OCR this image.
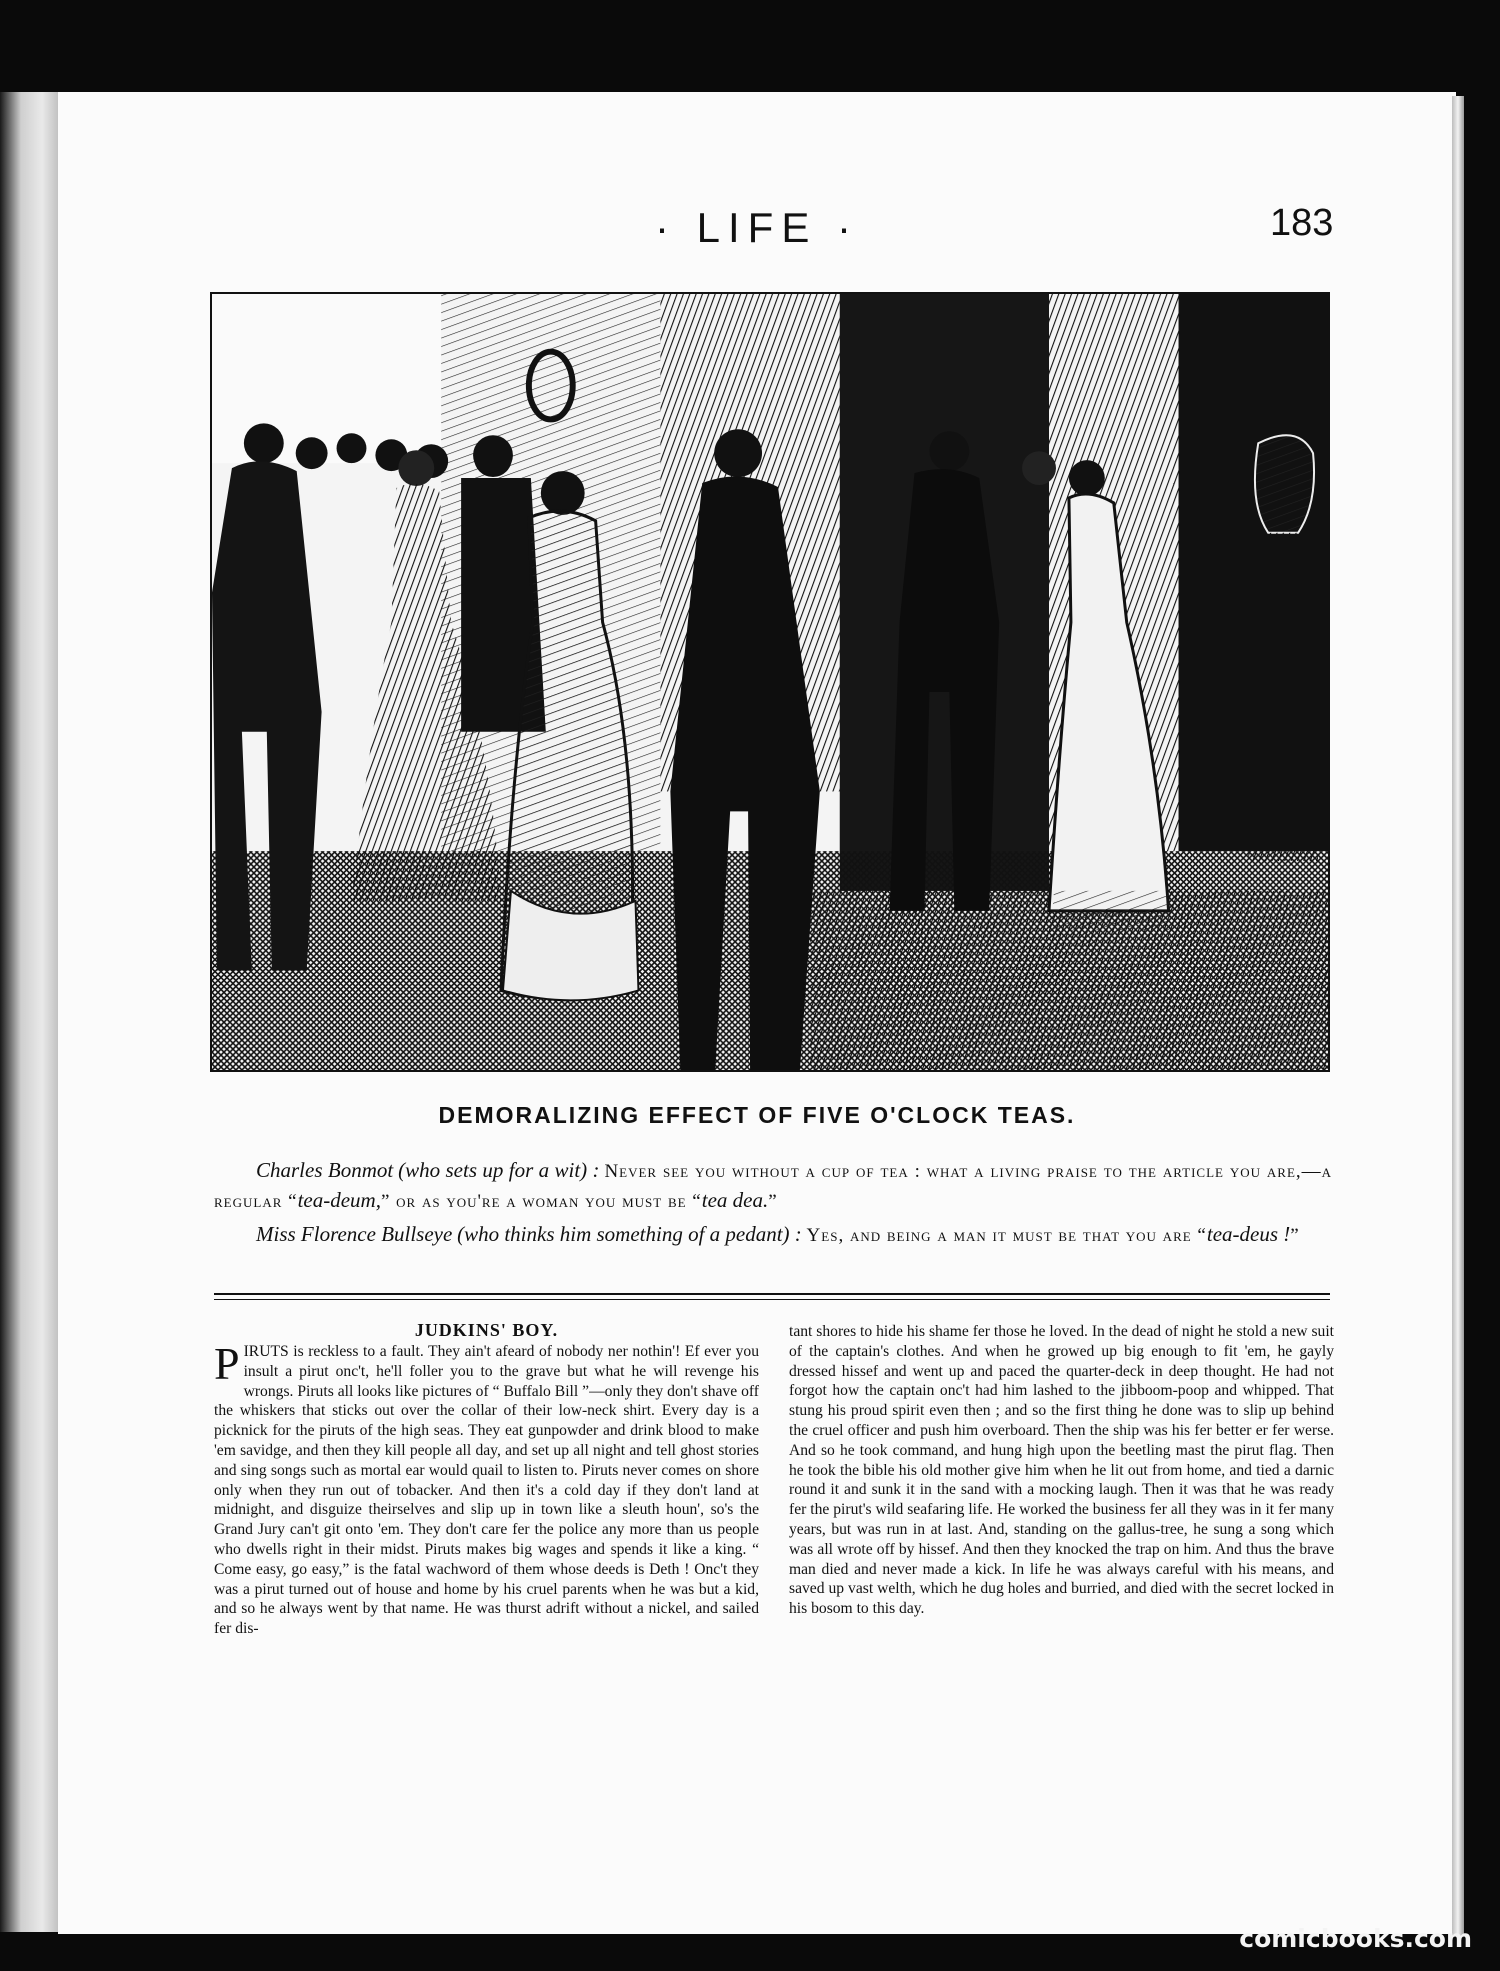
· LIFE ·	183
DEMORALIZING EFFECT OF FIVE O'CLOCK TEAS.
Charles Bonmot (who sets up for a wit) : Never see you without a cup of tea : what a living praise to the article you are,—a regular “tea-deum,” or as you're a woman you must be “tea dea.”
Miss Florence Bullseye (who thinks him something of a pedant) : Yes, and being a man it must be that you are “tea-deus !”
JUDKINS' BOY.
PIRUTS is reckless to a fault. They ain't afeard of nobody ner nothin'! Ef ever you insult a pirut onc't, he'll foller you to the grave but what he will revenge his wrongs. Piruts all looks like pictures of “ Buffalo Bill ”—only they don't shave off the whiskers that sticks out over the collar of their low-neck shirt. Every day is a picknick for the piruts of the high seas. They eat gunpowder and drink blood to make 'em savidge, and then they kill people all day, and set up all night and tell ghost stories and sing songs such as mortal ear would quail to listen to. Piruts never comes on shore only when they run out of tobacker. And then it's a cold day if they don't land at midnight, and disguize theirselves and slip up in town like a sleuth houn', so's the Grand Jury can't git onto 'em. They don't care fer the police any more than us people who dwells right in their midst. Piruts makes big wages and spends it like a king. “ Come easy, go easy,” is the fatal wachword of them whose deeds is Deth ! Onc't they was a pirut turned out of house and home by his cruel parents when he was but a kid, and so he always went by that name. He was thurst adrift without a nickel, and sailed fer dis-
tant shores to hide his shame fer those he loved. In the dead of night he stold a new suit of the captain's clothes. And when he growed up big enough to fit 'em, he gayly dressed hissef and went up and paced the quarter-deck in deep thought. He had not forgot how the captain onc't had him lashed to the jibboom-poop and whipped. That stung his proud spirit even then ; and so the first thing he done was to slip up behind the cruel officer and push him overboard. Then the ship was his fer better er fer werse. And so he took command, and hung high upon the beetling mast the pirut flag. Then he took the bible his old mother give him when he lit out from home, and tied a darnic round it and sunk it in the sand with a mocking laugh. Then it was that he was ready fer the pirut's wild seafaring life. He worked the business fer all they was in it fer many years, but was run in at last. And, standing on the gallus-tree, he sung a song which was all wrote off by hissef. And then they knocked the trap on him. And thus the brave man died and never made a kick. In life he was always careful with his means, and saved up vast welth, which he dug holes and burried, and died with the secret locked in his bosom to this day.
comicbooks.com
